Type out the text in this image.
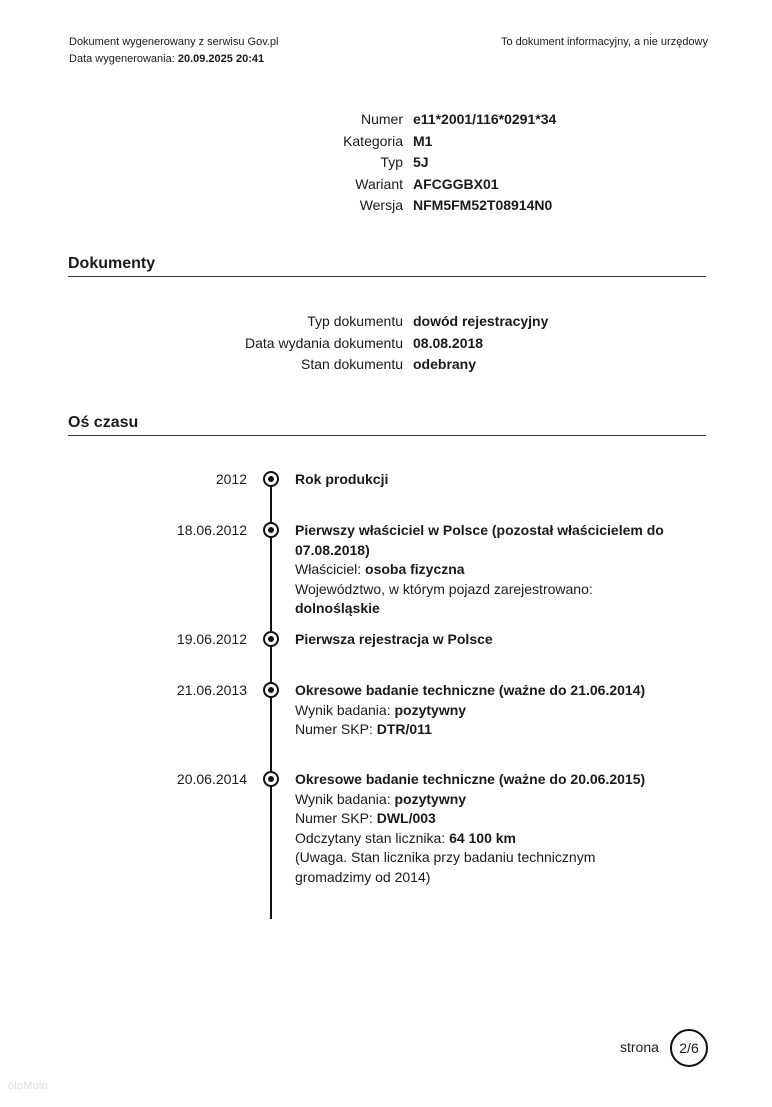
Dokument wygenerowany z serwisu Gov.pl
Data wygenerowania: 20.09.2025 20:41
To dokument informacyjny, a nie urzędowy
Numer e11*2001/116*0291*34
Kategoria M1
Typ 5J
Wariant AFCGGBX01
Wersja NFM5FM52T08914N0
Dokumenty
Typ dokumentu dowód rejestracyjny
Data wydania dokumentu 08.08.2018
Stan dokumentu odebrany
Oś czasu
2012	Rok produkcji
18.06.2012	Pierwszy właściciel w Polsce (pozostał właścicielem do 07.08.2018)
Właściciel: osoba fizyczna
Województwo, w którym pojazd zarejestrowano: dolnośląskie
19.06.2012	Pierwsza rejestracja w Polsce
21.06.2013	Okresowe badanie techniczne (ważne do 21.06.2014)
Wynik badania: pozytywny
Numer SKP: DTR/011
20.06.2014	Okresowe badanie techniczne (ważne do 20.06.2015)
Wynik badania: pozytywny
Numer SKP: DWL/003
Odczytany stan licznika: 64 100 km
(Uwaga. Stan licznika przy badaniu technicznym gromadzimy od 2014)
strona	2/6
otoMoto
